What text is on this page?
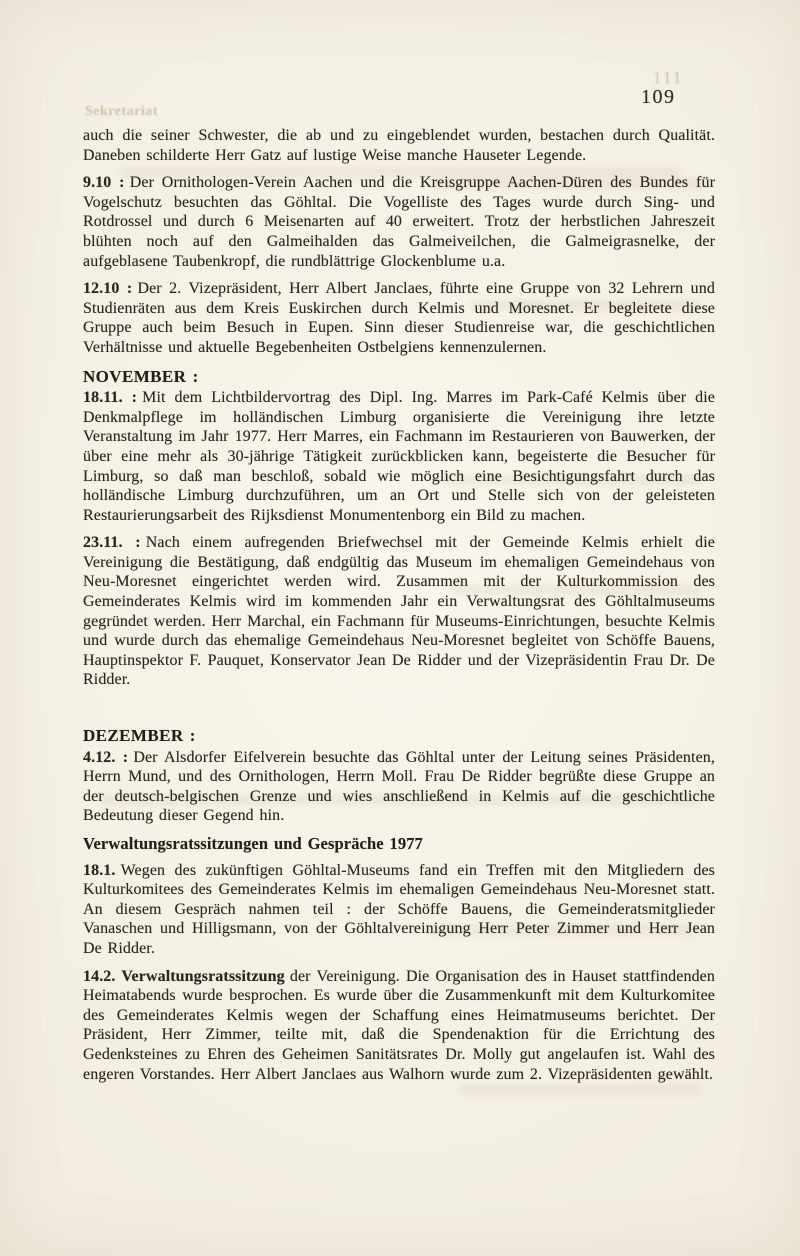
111
Sekretariat
109

auch die seiner Schwester, die ab und zu eingeblendet wurden, bestachen durch Qualität. Daneben schilderte Herr Gatz auf lustige Weise manche Hauseter Legende.

9.10 : Der Ornithologen-Verein Aachen und die Kreisgruppe Aachen-Düren des Bundes für Vogelschutz besuchten das Göhltal. Die Vogelliste des Tages wurde durch Sing- und Rotdrossel und durch 6 Meisenarten auf 40 erweitert. Trotz der herbstlichen Jahreszeit blühten noch auf den Galmeihalden das Galmeiveilchen, die Galmeigrasnelke, der aufgeblasene Taubenkropf, die rundblättrige Glockenblume u.a.

12.10 : Der 2. Vizepräsident, Herr Albert Janclaes, führte eine Gruppe von 32 Lehrern und Studienräten aus dem Kreis Euskirchen durch Kelmis und Moresnet. Er begleitete diese Gruppe auch beim Besuch in Eupen. Sinn dieser Studienreise war, die geschichtlichen Verhältnisse und aktuelle Begebenheiten Ostbelgiens kennenzulernen.

NOVEMBER :

18.11. : Mit dem Lichtbildervortrag des Dipl. Ing. Marres im Park-Café Kelmis über die Denkmalpflege im holländischen Limburg organisierte die Vereinigung ihre letzte Veranstaltung im Jahr 1977. Herr Marres, ein Fachmann im Restaurieren von Bauwerken, der über eine mehr als 30-jährige Tätigkeit zurückblicken kann, begeisterte die Besucher für Limburg, so daß man beschloß, sobald wie möglich eine Besichtigungsfahrt durch das holländische Limburg durchzuführen, um an Ort und Stelle sich von der geleisteten Restaurierungsarbeit des Rijksdienst Monumentenborg ein Bild zu machen.

23.11. : Nach einem aufregenden Briefwechsel mit der Gemeinde Kelmis erhielt die Vereinigung die Bestätigung, daß endgültig das Museum im ehemaligen Gemeindehaus von Neu-Moresnet eingerichtet werden wird. Zusammen mit der Kulturkommission des Gemeinderates Kelmis wird im kommenden Jahr ein Verwaltungsrat des Göhltalmuseums gegründet werden. Herr Marchal, ein Fachmann für Museums-Einrichtungen, besuchte Kelmis und wurde durch das ehemalige Gemeindehaus Neu-Moresnet begleitet von Schöffe Bauens, Hauptinspektor F. Pauquet, Konservator Jean De Ridder und der Vizepräsidentin Frau Dr. De Ridder.

DEZEMBER :

4.12. : Der Alsdorfer Eifelverein besuchte das Göhltal unter der Leitung seines Präsidenten, Herrn Mund, und des Ornithologen, Herrn Moll. Frau De Ridder begrüßte diese Gruppe an der deutsch-belgischen Grenze und wies anschließend in Kelmis auf die geschichtliche Bedeutung dieser Gegend hin.

Verwaltungsratssitzungen und Gespräche 1977

18.1. Wegen des zukünftigen Göhltal-Museums fand ein Treffen mit den Mitgliedern des Kulturkomitees des Gemeinderates Kelmis im ehemaligen Gemeindehaus Neu-Moresnet statt. An diesem Gespräch nahmen teil : der Schöffe Bauens, die Gemeinderatsmitglieder Vanaschen und Hilligsmann, von der Göhltalvereinigung Herr Peter Zimmer und Herr Jean De Ridder.

14.2. Verwaltungsratssitzung der Vereinigung. Die Organisation des in Hauset stattfindenden Heimatabends wurde besprochen. Es wurde über die Zusammenkunft mit dem Kulturkomitee des Gemeinderates Kelmis wegen der Schaffung eines Heimatmuseums berichtet. Der Präsident, Herr Zimmer, teilte mit, daß die Spendenaktion für die Errichtung des Gedenksteines zu Ehren des Geheimen Sanitätsrates Dr. Molly gut angelaufen ist. Wahl des engeren Vorstandes. Herr Albert Janclaes aus Walhorn wurde zum 2. Vizepräsidenten gewählt.
